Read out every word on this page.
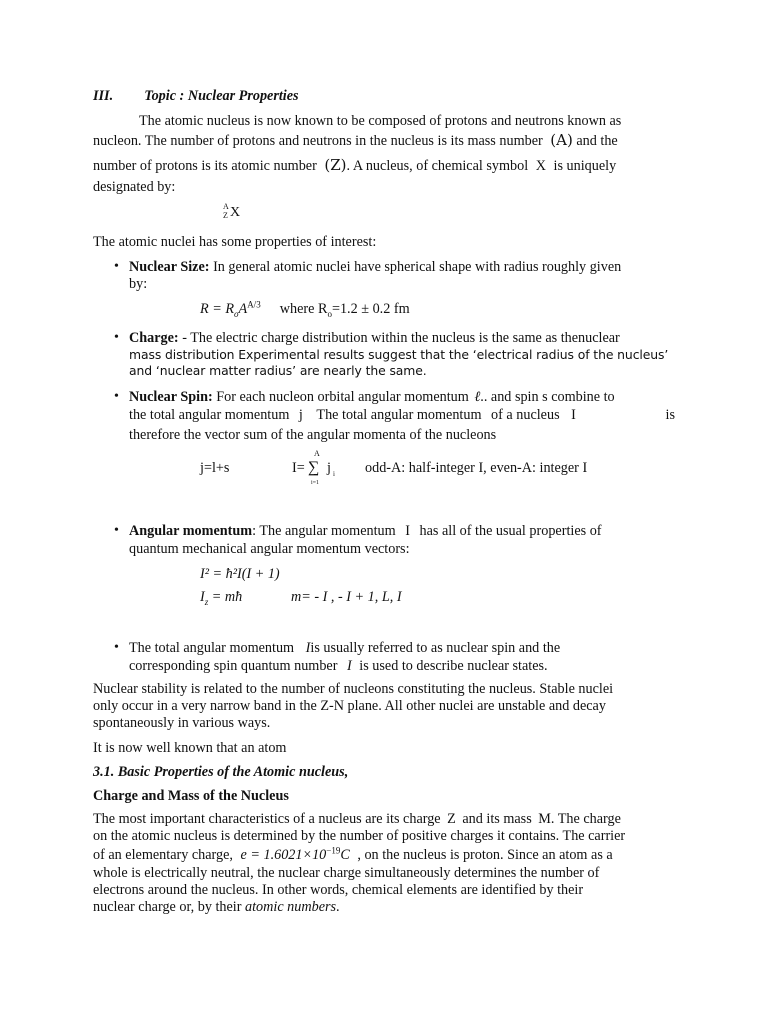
III. Topic : Nuclear Properties
The atomic nucleus is now known to be composed of protons and neutrons known as
nucleon. The number of protons and neutrons in the nucleus is its mass number (A) and the
number of protons is its atomic number (Z). A nucleus, of chemical symbol X is uniquely
designated by:
A
Z X
The atomic nuclei has some properties of interest:
• Nuclear Size: In general atomic nuclei have spherical shape with radius roughly given
by:
$R = R_oA^{A/3}$ where $R_o=1.2 \pm 0.2$ fm
• Charge: - The electric charge distribution within the nucleus is the same as thenuclear
mass distribution Experimental results suggest that the ‘electrical radius of the nucleus’
and ‘nuclear matter radius’ are nearly the same.
• Nuclear Spin: For each nucleon orbital angular momentum ℓ.. and spin s combine to
the total angular momentum j The total angular momentum of a nucleus I	is
therefore the vector sum of the angular momenta of the nucleons
j=l+s	I=
A
∑
i=1
j i odd-A: half-integer I, even-A: integer I
• Angular momentum: The angular momentum I has all of the usual properties of
quantum mechanical angular momentum vectors:
I² = ħ²I(I + 1)
$I_z$ = mħ	m= - I , - I + 1, L, I
• The total angular momentum Iis usually referred to as nuclear spin and the
corresponding spin quantum number I is used to describe nuclear states.
Nuclear stability is related to the number of nucleons constituting the nucleus. Stable nuclei
only occur in a very narrow band in the Z-N plane. All other nuclei are unstable and decay
spontaneously in various ways.
It is now well known that an atom
3.1. Basic Properties of the Atomic nucleus,
Charge and Mass of the Nucleus
The most important characteristics of a nucleus are its charge Z and its mass M. The charge
on the atomic nucleus is determined by the number of positive charges it contains. The carrier
of an elementary charge, $e = 1.6021\times 10^{-19}C$ , on the nucleus is proton. Since an atom as a
whole is electrically neutral, the nuclear charge simultaneously determines the number of
electrons around the nucleus. In other words, chemical elements are identified by their
nuclear charge or, by their atomic numbers.
